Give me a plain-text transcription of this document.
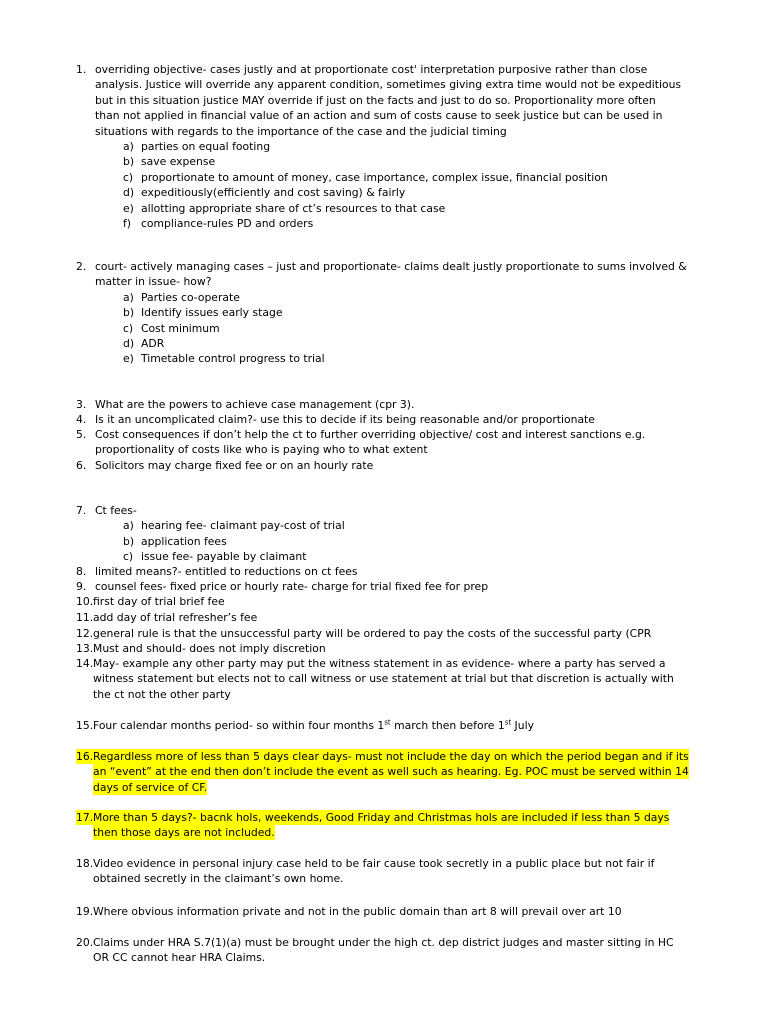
1. overriding objective- cases justly and at proportionate cost' interpretation purposive rather than close
analysis. Justice will override any apparent condition, sometimes giving extra time would not be expeditious
but in this situation justice MAY override if just on the facts and just to do so. Proportionality more often
than not applied in financial value of an action and sum of costs cause to seek justice but can be used in
situations with regards to the importance of the case and the judicial timing
a) parties on equal footing
b) save expense
c) proportionate to amount of money, case importance, complex issue, financial position
d) expeditiously(efficiently and cost saving) & fairly
e) allotting appropriate share of ct’s resources to that case
f) compliance-rules PD and orders
2. court- actively managing cases – just and proportionate- claims dealt justly proportionate to sums involved &
matter in issue- how?
a) Parties co-operate
b) Identify issues early stage
c) Cost minimum
d) ADR
e) Timetable control progress to trial
3. What are the powers to achieve case management (cpr 3).
4. Is it an uncomplicated claim?- use this to decide if its being reasonable and/or proportionate
5. Cost consequences if don’t help the ct to further overriding objective/ cost and interest sanctions e.g.
proportionality of costs like who is paying who to what extent
6. Solicitors may charge fixed fee or on an hourly rate
7. Ct fees-
a) hearing fee- claimant pay-cost of trial
b) application fees
c) issue fee- payable by claimant
8. limited means?- entitled to reductions on ct fees
9. counsel fees- fixed price or hourly rate- charge for trial fixed fee for prep
10. first day of trial brief fee
11. add day of trial refresher’s fee
12. general rule is that the unsuccessful party will be ordered to pay the costs of the successful party (CPR
13. Must and should- does not imply discretion
14. May- example any other party may put the witness statement in as evidence- where a party has served a
witness statement but elects not to call witness or use statement at trial but that discretion is actually with
the ct not the other party
15. Four calendar months period- so within four months 1st march then before 1st July
16. Regardless more of less than 5 days clear days- must not include the day on which the period began and if its
an “event” at the end then don’t include the event as well such as hearing. Eg. POC must be served within 14
days of service of CF.
17. More than 5 days?- bacnk hols, weekends, Good Friday and Christmas hols are included if less than 5 days
then those days are not included.
18. Video evidence in personal injury case held to be fair cause took secretly in a public place but not fair if
obtained secretly in the claimant’s own home.
19. Where obvious information private and not in the public domain than art 8 will prevail over art 10
20. Claims under HRA S.7(1)(a) must be brought under the high ct. dep district judges and master sitting in HC
OR CC cannot hear HRA Claims.
